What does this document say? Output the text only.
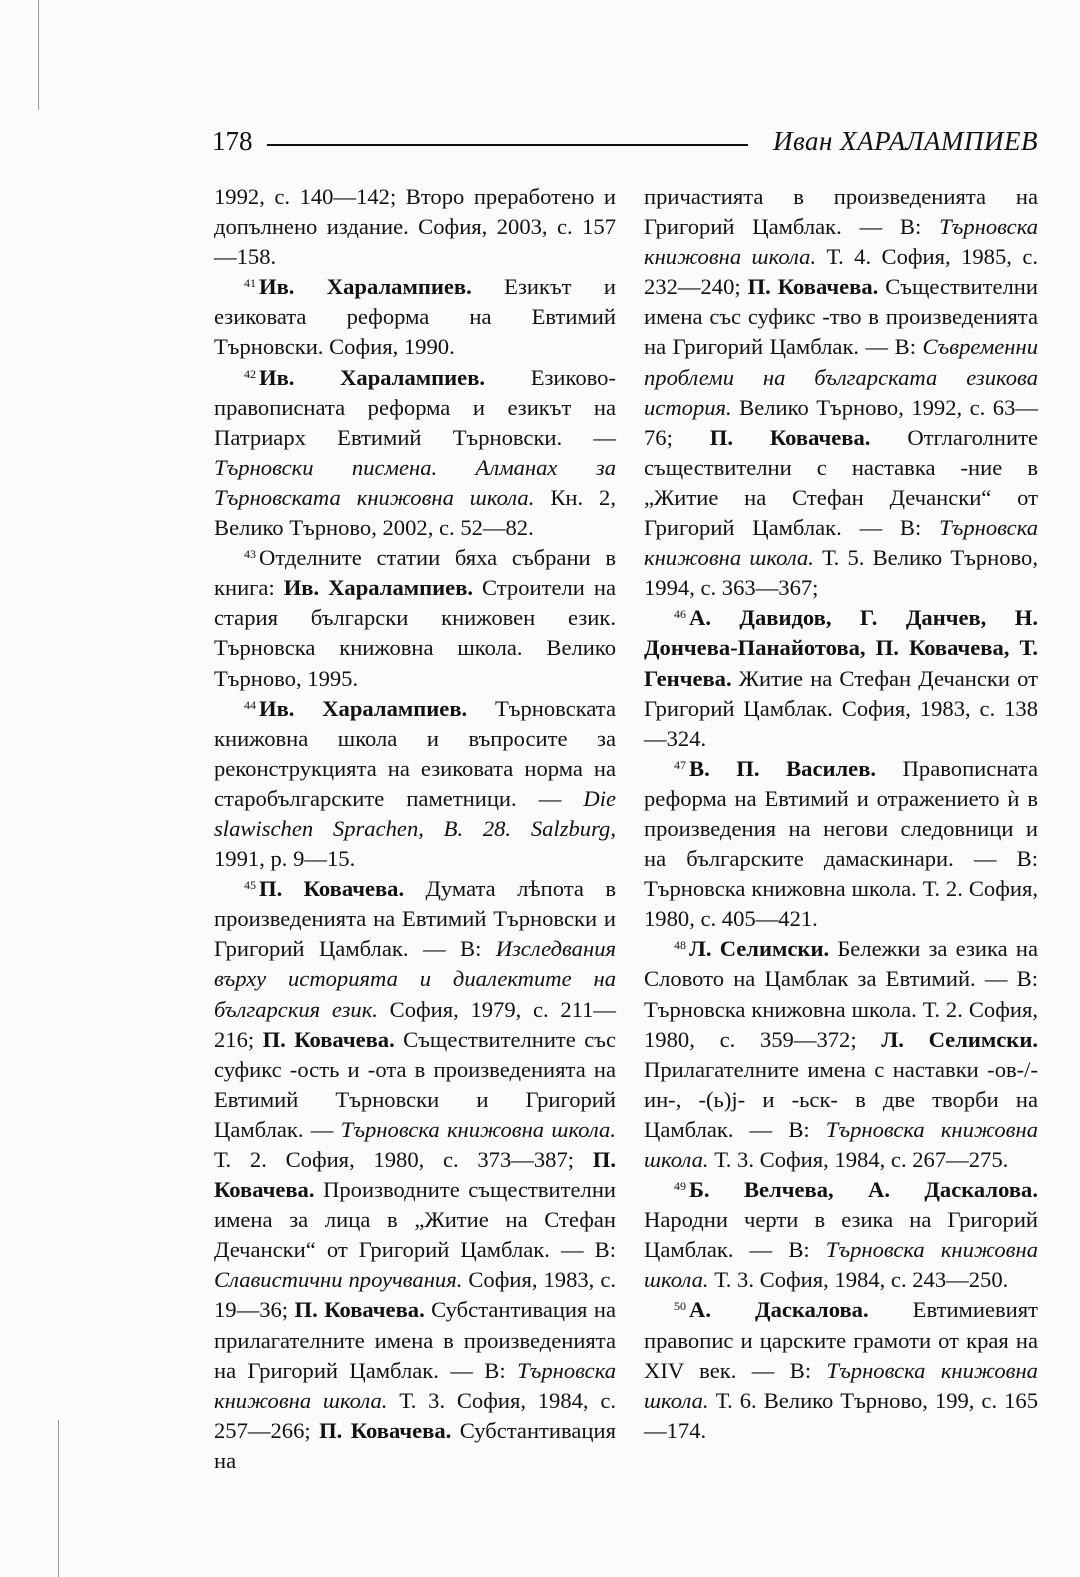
178	Иван ХАРАЛАМПИЕВ

1992, с. 140—142; Второ преработено и допълнено издание. София, 2003, с. 157—158.

$^{41}$ Ив. Харалампиев. Езикът и езиковата реформа на Евтимий Търновски. София, 1990.

$^{42}$ Ив. Харалампиев. Езиково-правописната реформа и езикът на Патриарх Евтимий Търновски. — Търновски писмена. Алманах за Търновската книжовна школа. Кн. 2, Велико Търново, 2002, с. 52—82.

$^{43}$ Отделните статии бяха събрани в книга: Ив. Харалампиев. Строители на стария български книжовен език. Търновска книжовна школа. Велико Търново, 1995.

$^{44}$ Ив. Харалампиев. Търновската книжовна школа и въпросите за реконструкцията на езиковата норма на старобългарските паметници. — Die slawischen Sprachen, B. 28. Salzburg, 1991, p. 9—15.

$^{45}$ П. Ковачева. Думата лѣпота в произведенията на Евтимий Търновски и Григорий Цамблак. — В: Изследвания върху историята и диалектите на българския език. София, 1979, с. 211—216; П. Ковачева. Съществителните със суфикс -ость и -ота в произведенията на Евтимий Търновски и Григорий Цамблак. — Търновска книжовна школа. Т. 2. София, 1980, с. 373—387; П. Ковачева. Производните съществителни имена за лица в „Житие на Стефан Дечански“ от Григорий Цамблак. — В: Славистични проучвания. София, 1983, с. 19—36; П. Ковачева. Субстантивация на прилагателните имена в произведенията на Григорий Цамблак. — В: Търновска книжовна школа. Т. 3. София, 1984, с. 257—266; П. Ковачева. Субстантивация на

причастията в произведенията на Григорий Цамблак. — В: Търновска книжовна школа. Т. 4. София, 1985, с. 232—240; П. Ковачева. Съществителни имена със суфикс -тво в произведенията на Григорий Цамблак. — В: Съвременни проблеми на българската езикова история. Велико Търново, 1992, с. 63—76; П. Ковачева. Отглаголните съществителни с наставка -ние в „Житие на Стефан Дечански“ от Григорий Цамблак. — В: Търновска книжовна школа. Т. 5. Велико Търново, 1994, с. 363—367;

$^{46}$ А. Давидов, Г. Данчев, Н. Дончева-Панайотова, П. Ковачева, Т. Генчева. Житие на Стефан Дечански от Григорий Цамблак. София, 1983, с. 138—324.

$^{47}$ В. П. Василев. Правописната реформа на Евтимий и отражението ѝ в произведения на негови следовници и на българските дамаскинари. — В: Търновска книжовна школа. Т. 2. София, 1980, с. 405—421.

$^{48}$ Л. Селимски. Бележки за езика на Словото на Цамблак за Евтимий. — В: Търновска книжовна школа. Т. 2. София, 1980, с. 359—372; Л. Селимски. Прилагателните имена с наставки -ов-/-ин-, -(ь)j- и -ьск- в две творби на Цамблак. — В: Търновска книжовна школа. Т. 3. София, 1984, с. 267—275.

$^{49}$ Б. Велчева, А. Даскалова. Народни черти в езика на Григорий Цамблак. — В: Търновска книжовна школа. Т. 3. София, 1984, с. 243—250.

$^{50}$ А. Даскалова. Евтимиевият правопис и царските грамоти от края на XIV век. — В: Търновска книжовна школа. Т. 6. Велико Търново, 199, с. 165—174.
